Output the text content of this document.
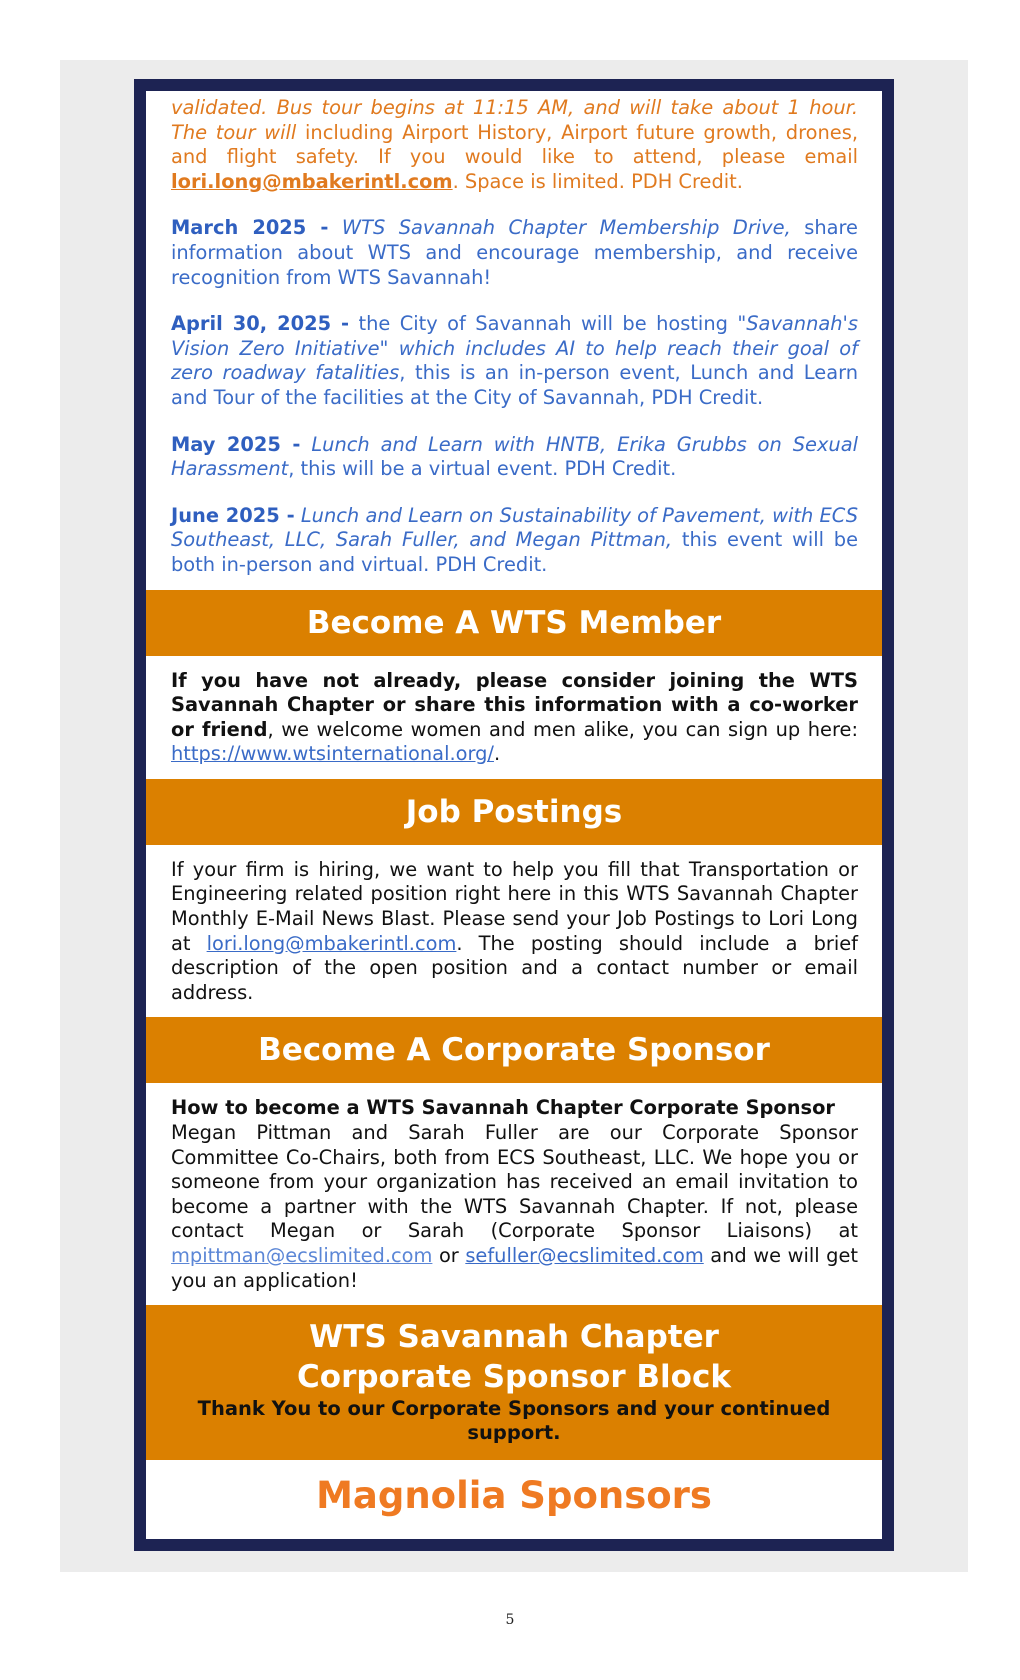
validated. Bus tour begins at 11:15 AM, and will take about 1 hour. The tour will including Airport History, Airport future growth, drones, and flight safety. If you would like to attend, please email lori.long@mbakerintl.com. Space is limited. PDH Credit.

March 2025 - WTS Savannah Chapter Membership Drive, share information about WTS and encourage membership, and receive recognition from WTS Savannah!

April 30, 2025 - the City of Savannah will be hosting "Savannah's Vision Zero Initiative" which includes AI to help reach their goal of zero roadway fatalities, this is an in-person event, Lunch and Learn and Tour of the facilities at the City of Savannah, PDH Credit.

May 2025 - Lunch and Learn with HNTB, Erika Grubbs on Sexual Harassment, this will be a virtual event. PDH Credit.

June 2025 - Lunch and Learn on Sustainability of Pavement, with ECS Southeast, LLC, Sarah Fuller, and Megan Pittman, this event will be both in-person and virtual. PDH Credit.

Become A WTS Member

If you have not already, please consider joining the WTS Savannah Chapter or share this information with a co-worker or friend, we welcome women and men alike, you can sign up here: https://www.wtsinternational.org/.

Job Postings

If your firm is hiring, we want to help you fill that Transportation or Engineering related position right here in this WTS Savannah Chapter Monthly E-Mail News Blast. Please send your Job Postings to Lori Long at lori.long@mbakerintl.com. The posting should include a brief description of the open position and a contact number or email address.

Become A Corporate Sponsor

How to become a WTS Savannah Chapter Corporate Sponsor

Megan Pittman and Sarah Fuller are our Corporate Sponsor Committee Co-Chairs, both from ECS Southeast, LLC. We hope you or someone from your organization has received an email invitation to become a partner with the WTS Savannah Chapter. If not, please contact Megan or Sarah (Corporate Sponsor Liaisons) at mpittman@ecslimited.com or sefuller@ecslimited.com and we will get you an application!

WTS Savannah Chapter
Corporate Sponsor Block
Thank You to our Corporate Sponsors and your continued support.
Magnolia Sponsors
5
